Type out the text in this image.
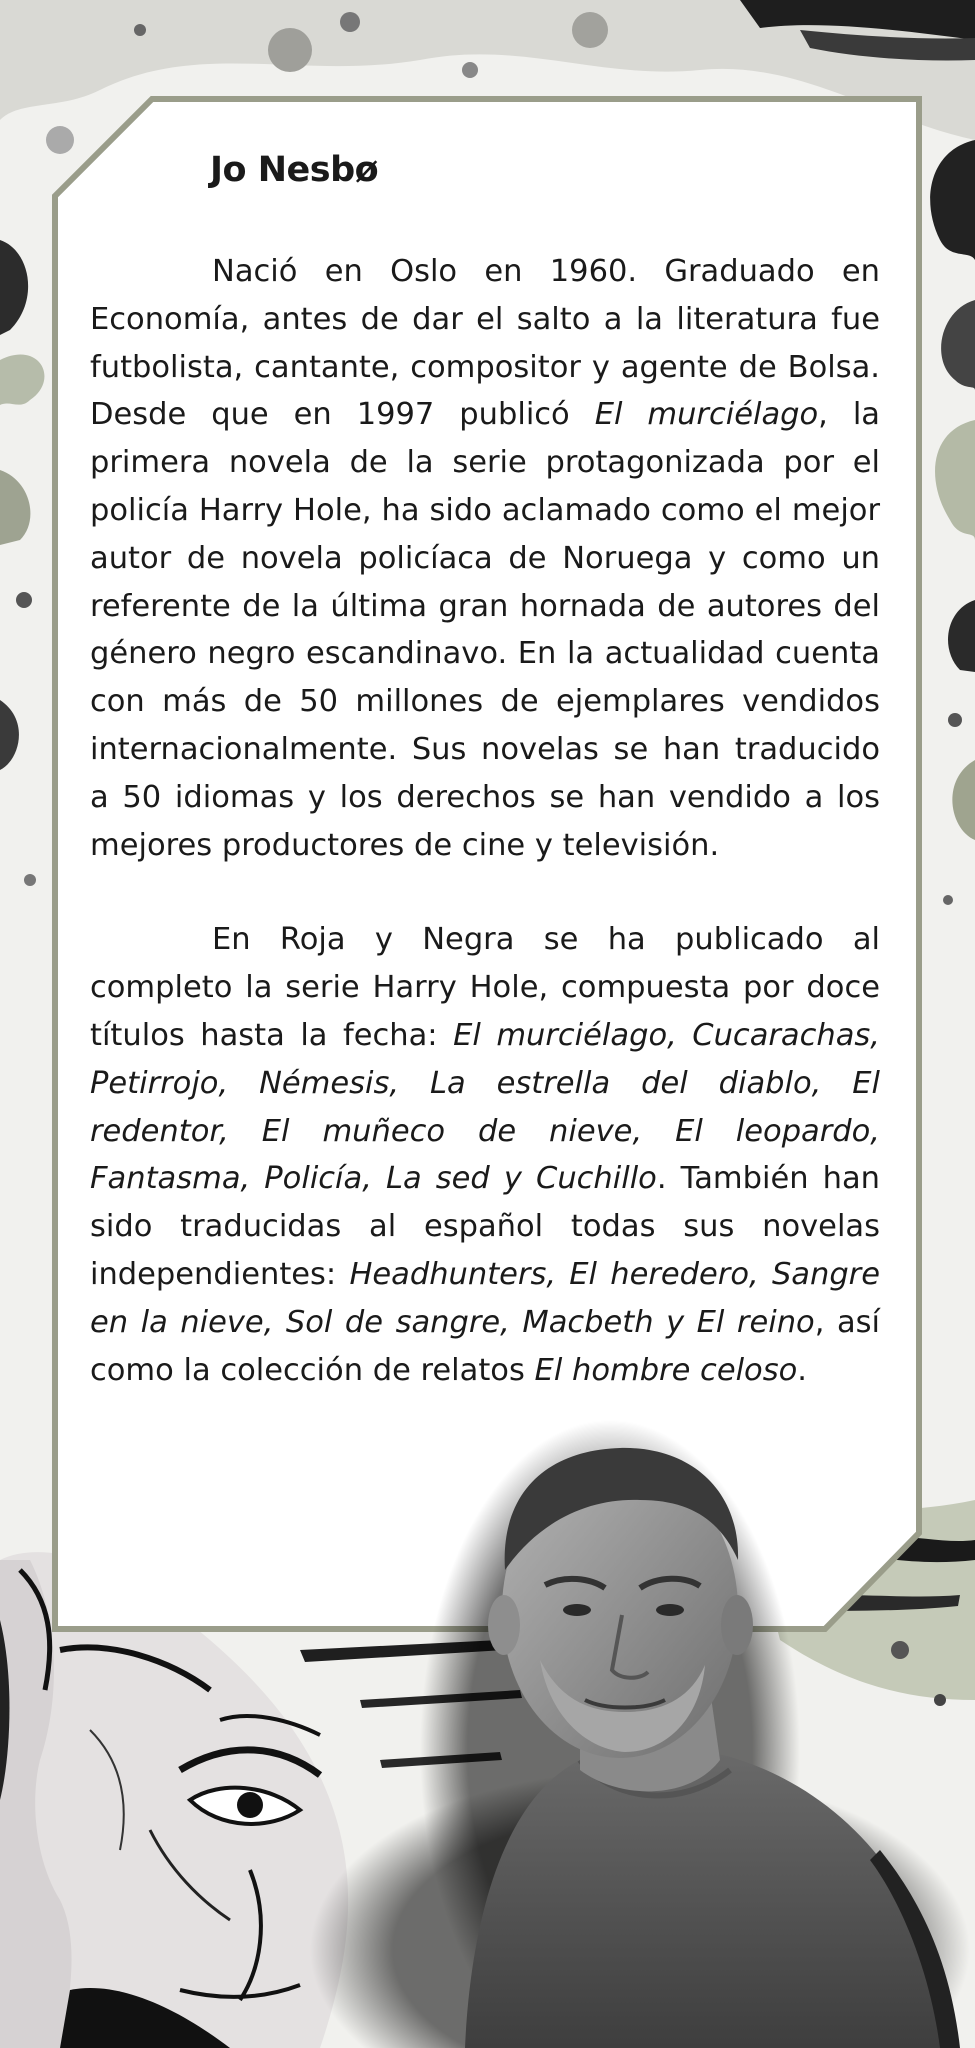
Jo Nesbø

Nació en Oslo en 1960. Graduado en Economía, antes de dar el salto a la literatura fue futbolista, cantante, compositor y agente de Bolsa. Desde que en 1997 publicó El murciélago, la primera novela de la serie protagonizada por el policía Harry Hole, ha sido aclamado como el mejor autor de novela policíaca de Noruega y como un referente de la última gran hornada de autores del género negro escandinavo. En la actualidad cuenta con más de 50 millones de ejemplares vendidos internacionalmente. Sus novelas se han traducido a 50 idiomas y los derechos se han vendido a los mejores productores de cine y televisión.

En Roja y Negra se ha publicado al completo la serie Harry Hole, compuesta por doce títulos hasta la fecha: El murciélago, Cucarachas, Petirrojo, Némesis, La estrella del diablo, El redentor, El muñeco de nieve, El leopardo, Fantasma, Policía, La sed y Cuchillo. También han sido traducidas al español todas sus novelas independientes: Headhunters, El heredero, Sangre en la nieve, Sol de sangre, Macbeth y El reino, así como la colección de relatos El hombre celoso.
